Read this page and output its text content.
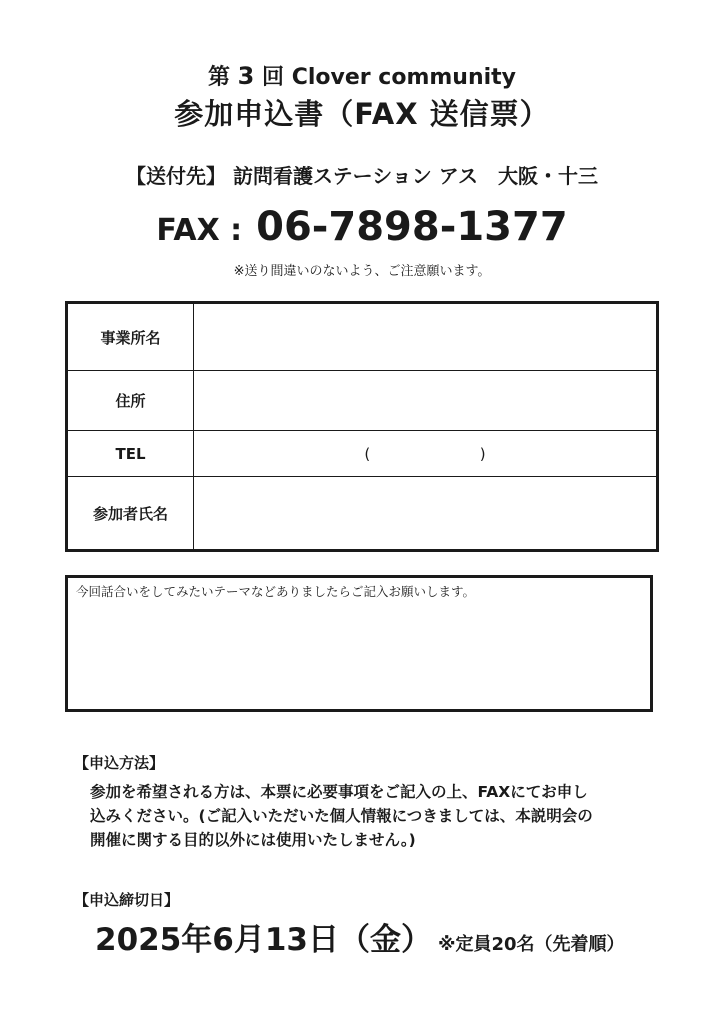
第 3 回 Clover community
参加申込書（FAX 送信票）
【送付先】 訪問看護ステーション アス　大阪・十三
FAX : 06-7898-1377
※送り間違いのないよう、ご注意願います。
事業所名	
住所	
TEL	( )
参加者氏名	
今回話合いをしてみたいテーマなどありましたらご記入お願いします。
【申込方法】
参加を希望される方は、本票に必要事項をご記入の上、FAXにてお申し
込みください。(ご記入いただいた個人情報につきましては、本説明会の
開催に関する目的以外には使用いたしません。)
【申込締切日】
2025年6月13日（金） ※定員20名（先着順）
